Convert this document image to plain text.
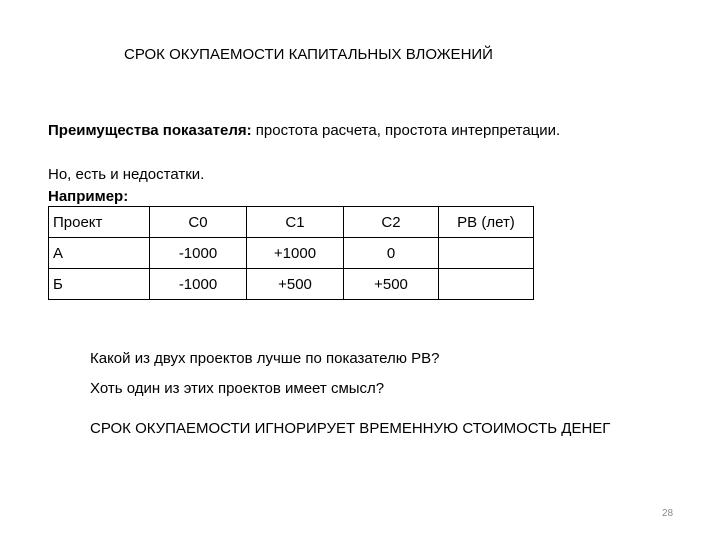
СРОК ОКУПАЕМОСТИ КАПИТАЛЬНЫХ ВЛОЖЕНИЙ
Преимущества показателя: простота расчета, простота интерпретации.
Но, есть и недостатки.
Например:
Проект	C0	C1	C2	PB (лет)
А	-1000	+1000	0	
Б	-1000	+500	+500	
Какой из двух проектов лучше по показателю PB?
Хоть один из этих проектов имеет смысл?
СРОК ОКУПАЕМОСТИ ИГНОРИРУЕТ ВРЕМЕННУЮ СТОИМОСТЬ ДЕНЕГ
28
